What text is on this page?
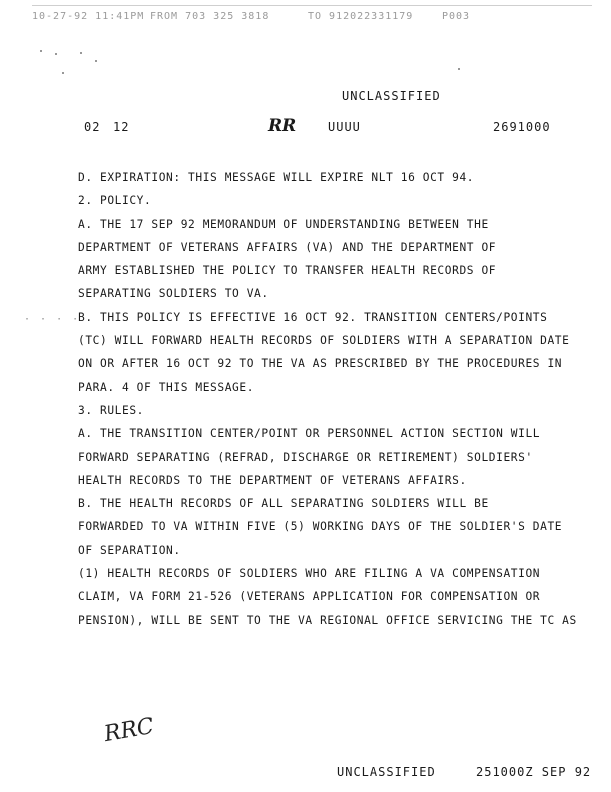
10-27-92 11:41PM FROM 703 325 3818	TO 912022331179	P003
UNCLASSIFIED
02 12	RR	UUUU	2691000
· · · ·
D. EXPIRATION: THIS MESSAGE WILL EXPIRE NLT 16 OCT 94.
2. POLICY.
A. THE 17 SEP 92 MEMORANDUM OF UNDERSTANDING BETWEEN THE
DEPARTMENT OF VETERANS AFFAIRS (VA) AND THE DEPARTMENT OF
ARMY ESTABLISHED THE POLICY TO TRANSFER HEALTH RECORDS OF
SEPARATING SOLDIERS TO VA.
B. THIS POLICY IS EFFECTIVE 16 OCT 92. TRANSITION CENTERS/POINTS
(TC) WILL FORWARD HEALTH RECORDS OF SOLDIERS WITH A SEPARATION DATE
ON OR AFTER 16 OCT 92 TO THE VA AS PRESCRIBED BY THE PROCEDURES IN
PARA. 4 OF THIS MESSAGE.
3. RULES.
A. THE TRANSITION CENTER/POINT OR PERSONNEL ACTION SECTION WILL
FORWARD SEPARATING (REFRAD, DISCHARGE OR RETIREMENT) SOLDIERS'
HEALTH RECORDS TO THE DEPARTMENT OF VETERANS AFFAIRS.
B. THE HEALTH RECORDS OF ALL SEPARATING SOLDIERS WILL BE
FORWARDED TO VA WITHIN FIVE (5) WORKING DAYS OF THE SOLDIER'S DATE
OF SEPARATION.
(1) HEALTH RECORDS OF SOLDIERS WHO ARE FILING A VA COMPENSATION
CLAIM, VA FORM 21-526 (VETERANS APPLICATION FOR COMPENSATION OR
PENSION), WILL BE SENT TO THE VA REGIONAL OFFICE SERVICING THE TC AS
RRC
UNCLASSIFIED	251000Z SEP 92
